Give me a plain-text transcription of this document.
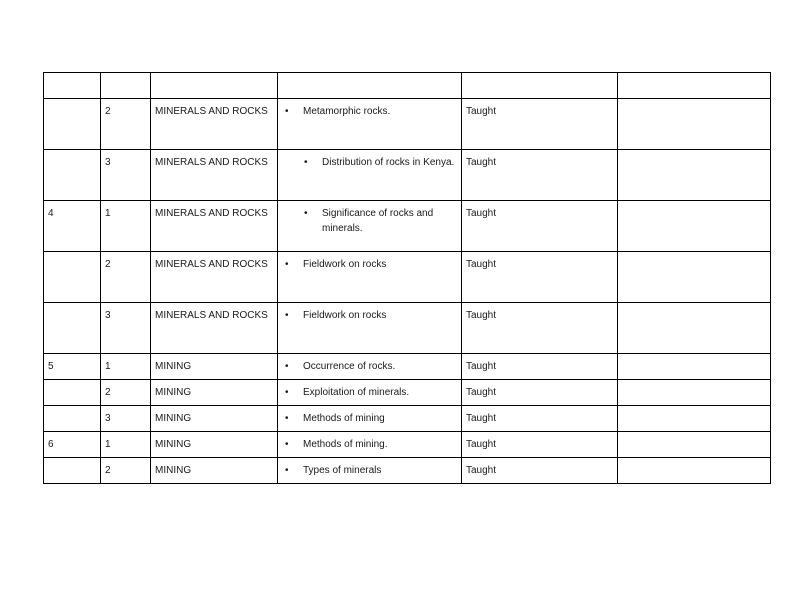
	2	MINERALS AND ROCKS	• Metamorphic rocks.	Taught	
	3	MINERALS AND ROCKS	• Distribution of rocks in Kenya.	Taught	
4	1	MINERALS AND ROCKS	• Significance of rocks and minerals.	Taught	
	2	MINERALS AND ROCKS	• Fieldwork on rocks	Taught	
	3	MINERALS AND ROCKS	• Fieldwork on rocks	Taught	
5	1	MINING	• Occurrence of rocks.	Taught	
	2	MINING	• Exploitation of minerals.	Taught	
	3	MINING	• Methods of mining	Taught	
6	1	MINING	• Methods of mining.	Taught	
	2	MINING	• Types of minerals	Taught	
